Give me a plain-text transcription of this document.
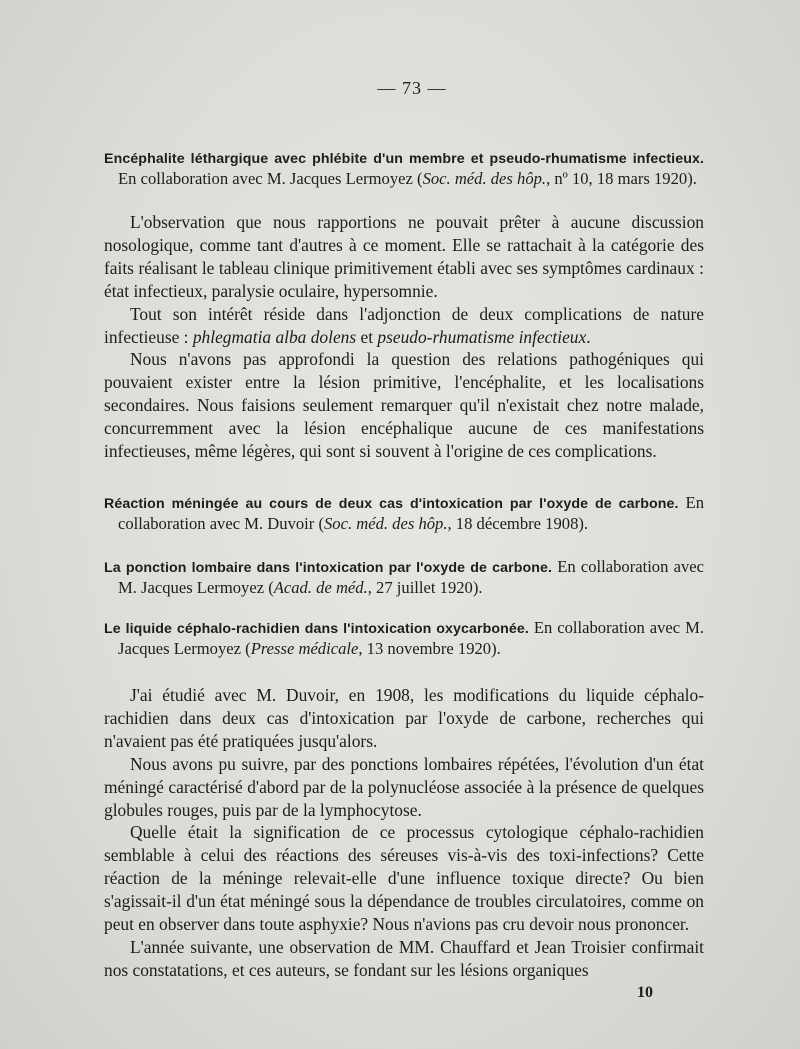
— 73 —

Encéphalite léthargique avec phlébite d'un membre et pseudo-rhumatisme infectieux. En collaboration avec M. Jacques Lermoyez (Soc. méd. des hôp., nº 10, 18 mars 1920).

L'observation que nous rapportions ne pouvait prêter à aucune discussion nosologique, comme tant d'autres à ce moment. Elle se rattachait à la catégorie des faits réalisant le tableau clinique primitivement établi avec ses symptômes cardinaux : état infectieux, paralysie oculaire, hypersomnie.

Tout son intérêt réside dans l'adjonction de deux complications de nature infectieuse : phlegmatia alba dolens et pseudo-rhumatisme infectieux.

Nous n'avons pas approfondi la question des relations pathogéniques qui pouvaient exister entre la lésion primitive, l'encéphalite, et les localisations secondaires. Nous faisions seulement remarquer qu'il n'existait chez notre malade, concurremment avec la lésion encéphalique aucune de ces manifestations infectieuses, même légères, qui sont si souvent à l'origine de ces complications.

Réaction méningée au cours de deux cas d'intoxication par l'oxyde de carbone. En collaboration avec M. Duvoir (Soc. méd. des hôp., 18 décembre 1908).

La ponction lombaire dans l'intoxication par l'oxyde de carbone. En collaboration avec M. Jacques Lermoyez (Acad. de méd., 27 juillet 1920).

Le liquide céphalo-rachidien dans l'intoxication oxycarbonée. En collaboration avec M. Jacques Lermoyez (Presse médicale, 13 novembre 1920).

J'ai étudié avec M. Duvoir, en 1908, les modifications du liquide céphalo-rachidien dans deux cas d'intoxication par l'oxyde de carbone, recherches qui n'avaient pas été pratiquées jusqu'alors.

Nous avons pu suivre, par des ponctions lombaires répétées, l'évolution d'un état méningé caractérisé d'abord par de la polynucléose associée à la présence de quelques globules rouges, puis par de la lymphocytose.

Quelle était la signification de ce processus cytologique céphalo-rachidien semblable à celui des réactions des séreuses vis-à-vis des toxi-infections? Cette réaction de la méninge relevait-elle d'une influence toxique directe? Ou bien s'agissait-il d'un état méningé sous la dépendance de troubles circulatoires, comme on peut en observer dans toute asphyxie? Nous n'avions pas cru devoir nous prononcer.

L'année suivante, une observation de MM. Chauffard et Jean Troisier confirmait nos constatations, et ces auteurs, se fondant sur les lésions organiques

10
